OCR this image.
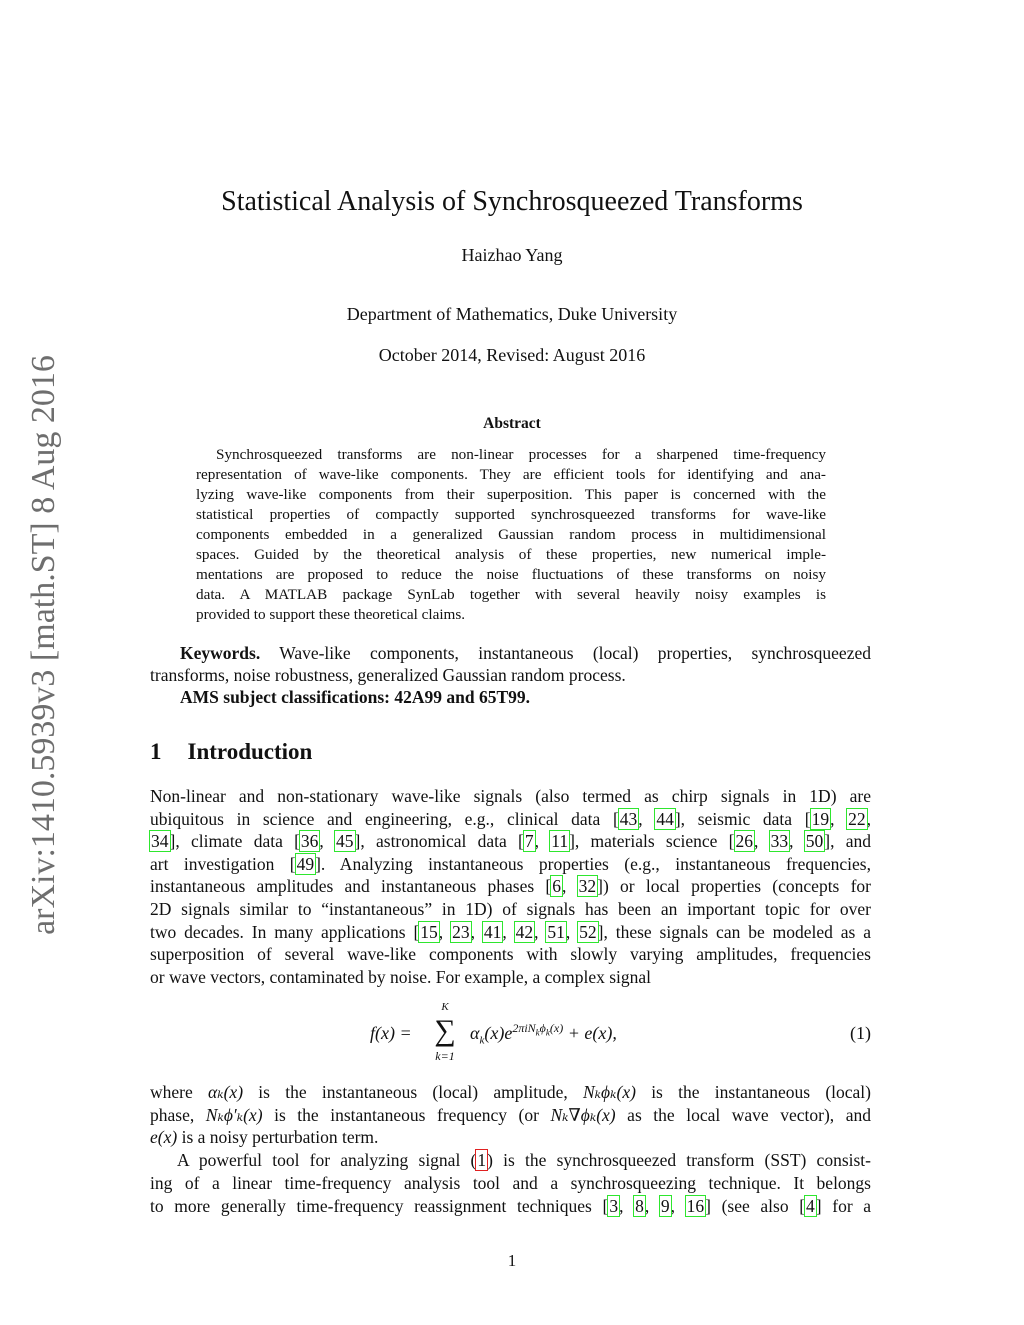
arXiv:1410.5939v3 [math.ST] 8 Aug 2016
Statistical Analysis of Synchrosqueezed Transforms
Haizhao Yang
Department of Mathematics, Duke University
October 2014, Revised: August 2016
Abstract
Synchrosqueezed transforms are non-linear processes for a sharpened time-frequency
representation of wave-like components. They are efficient tools for identifying and ana-
lyzing wave-like components from their superposition. This paper is concerned with the
statistical properties of compactly supported synchrosqueezed transforms for wave-like
components embedded in a generalized Gaussian random process in multidimensional
spaces. Guided by the theoretical analysis of these properties, new numerical imple-
mentations are proposed to reduce the noise fluctuations of these transforms on noisy
data. A MATLAB package SynLab together with several heavily noisy examples is
provided to support these theoretical claims.
Keywords. Wave-like components, instantaneous (local) properties, synchrosqueezed
transforms, noise robustness, generalized Gaussian random process.
AMS subject classifications: 42A99 and 65T99.
1 Introduction
Non-linear and non-stationary wave-like signals (also termed as chirp signals in 1D) are
ubiquitous in science and engineering, e.g., clinical data [43, 44], seismic data [19, 22,
34], climate data [36, 45], astronomical data [7, 11], materials science [26, 33, 50], and
art investigation [49]. Analyzing instantaneous properties (e.g., instantaneous frequencies,
instantaneous amplitudes and instantaneous phases [6, 32]) or local properties (concepts for
2D signals similar to “instantaneous” in 1D) of signals has been an important topic for over
two decades. In many applications [15, 23, 41, 42, 51, 52], these signals can be modeled as a
superposition of several wave-like components with slowly varying amplitudes, frequencies
or wave vectors, contaminated by noise. For example, a complex signal
f(x) =
K
∑
k=1
$\alpha_k(x)e^{2\pi iN_k\phi_k(x)} + e(x)$,	(1)
where αₖ(x) is the instantaneous (local) amplitude, Nₖϕₖ(x) is the instantaneous (local)
phase, Nₖϕ′ₖ(x) is the instantaneous frequency (or Nₖ∇ϕₖ(x) as the local wave vector), and
e(x) is a noisy perturbation term.
A powerful tool for analyzing signal (1) is the synchrosqueezed transform (SST) consist-
ing of a linear time-frequency analysis tool and a synchrosqueezing technique. It belongs
to more generally time-frequency reassignment techniques [3, 8, 9, 16] (see also [4] for a
1
